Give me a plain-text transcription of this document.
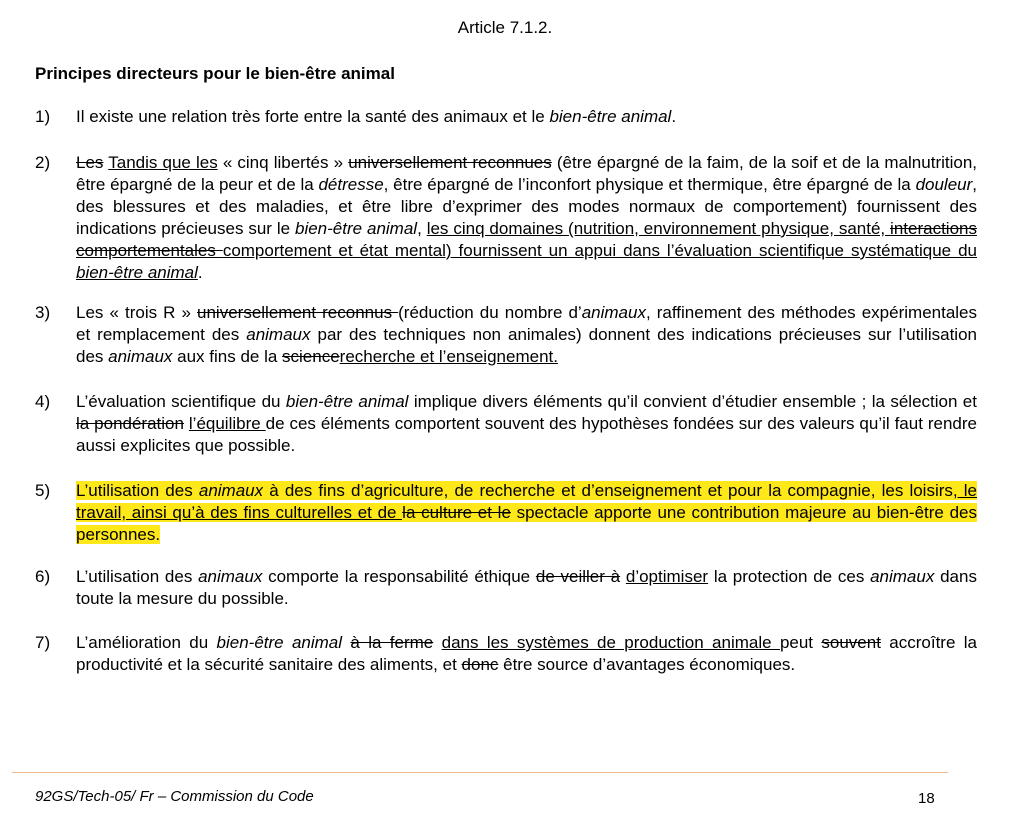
Article 7.1.2.
Principes directeurs pour le bien-être animal
1)	Il existe une relation très forte entre la santé des animaux et le bien-être animal.
2)	Les Tandis que les « cinq libertés » universellement reconnues (être épargné de la faim, de la soif et de la malnutrition, être épargné de la peur et de la détresse, être épargné de l’inconfort physique et thermique, être épargné de la douleur, des blessures et des maladies, et être libre d’exprimer des modes normaux de comportement) fournissent des indications précieuses sur le bien-être animal, les cinq domaines (nutrition, environnement physique, santé, interactions comportementales comportement et état mental) fournissent un appui dans l’évaluation scientifique systématique du bien-être animal.
3)	Les « trois R » universellement reconnus (réduction du nombre d’animaux, raffinement des méthodes expérimentales et remplacement des animaux par des techniques non animales) donnent des indications précieuses sur l’utilisation des animaux aux fins de la sciencerecherche et l’enseignement.
4)	L’évaluation scientifique du bien-être animal implique divers éléments qu’il convient d’étudier ensemble ; la sélection et la pondération l’équilibre de ces éléments comportent souvent des hypothèses fondées sur des valeurs qu’il faut rendre aussi explicites que possible.
5)	L’utilisation des animaux à des fins d’agriculture, de recherche et d’enseignement et pour la compagnie, les loisirs, le travail, ainsi qu’à des fins culturelles et de la culture et le spectacle apporte une contribution majeure au bien-être des personnes.
6)	L’utilisation des animaux comporte la responsabilité éthique de veiller à d’optimiser la protection de ces animaux dans toute la mesure du possible.
7)	L’amélioration du bien-être animal à la ferme dans les systèmes de production animale peut souvent accroître la productivité et la sécurité sanitaire des aliments, et donc être source d’avantages économiques.
92GS/Tech-05/ Fr – Commission du Code	18
